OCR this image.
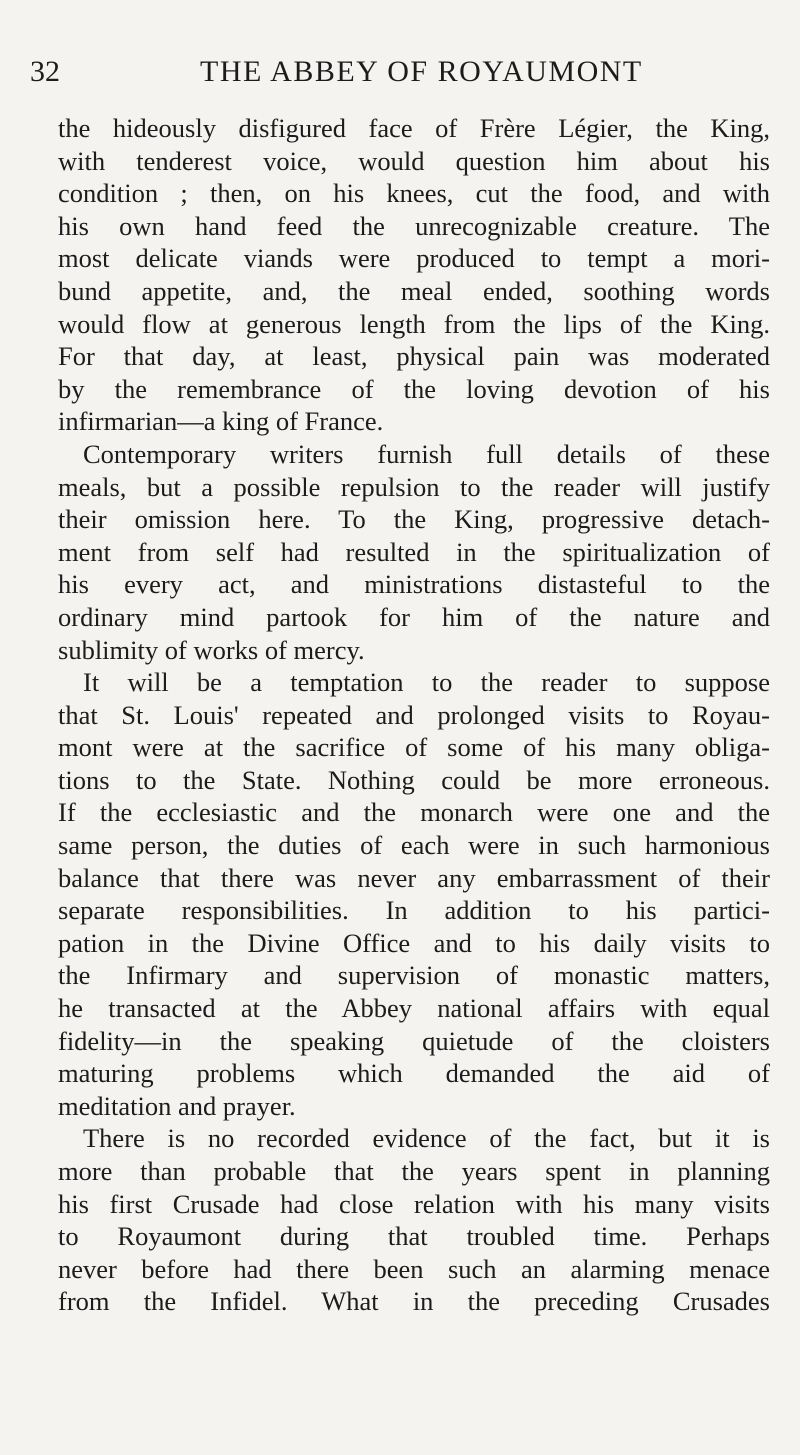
32	THE ABBEY OF ROYAUMONT
the hideously disfigured face of Frère Légier, the King,
with tenderest voice, would question him about his
condition ; then, on his knees, cut the food, and with
his own hand feed the unrecognizable creature. The
most delicate viands were produced to tempt a mori-
bund appetite, and, the meal ended, soothing words
would flow at generous length from the lips of the King.
For that day, at least, physical pain was moderated
by the remembrance of the loving devotion of his
infirmarian—a king of France.
Contemporary writers furnish full details of these
meals, but a possible repulsion to the reader will justify
their omission here. To the King, progressive detach-
ment from self had resulted in the spiritualization of
his every act, and ministrations distasteful to the
ordinary mind partook for him of the nature and
sublimity of works of mercy.
It will be a temptation to the reader to suppose
that St. Louis' repeated and prolonged visits to Royau-
mont were at the sacrifice of some of his many obliga-
tions to the State. Nothing could be more erroneous.
If the ecclesiastic and the monarch were one and the
same person, the duties of each were in such harmonious
balance that there was never any embarrassment of their
separate responsibilities. In addition to his partici-
pation in the Divine Office and to his daily visits to
the Infirmary and supervision of monastic matters,
he transacted at the Abbey national affairs with equal
fidelity—in the speaking quietude of the cloisters
maturing problems which demanded the aid of
meditation and prayer.
There is no recorded evidence of the fact, but it is
more than probable that the years spent in planning
his first Crusade had close relation with his many visits
to Royaumont during that troubled time. Perhaps
never before had there been such an alarming menace
from the Infidel. What in the preceding Crusades
